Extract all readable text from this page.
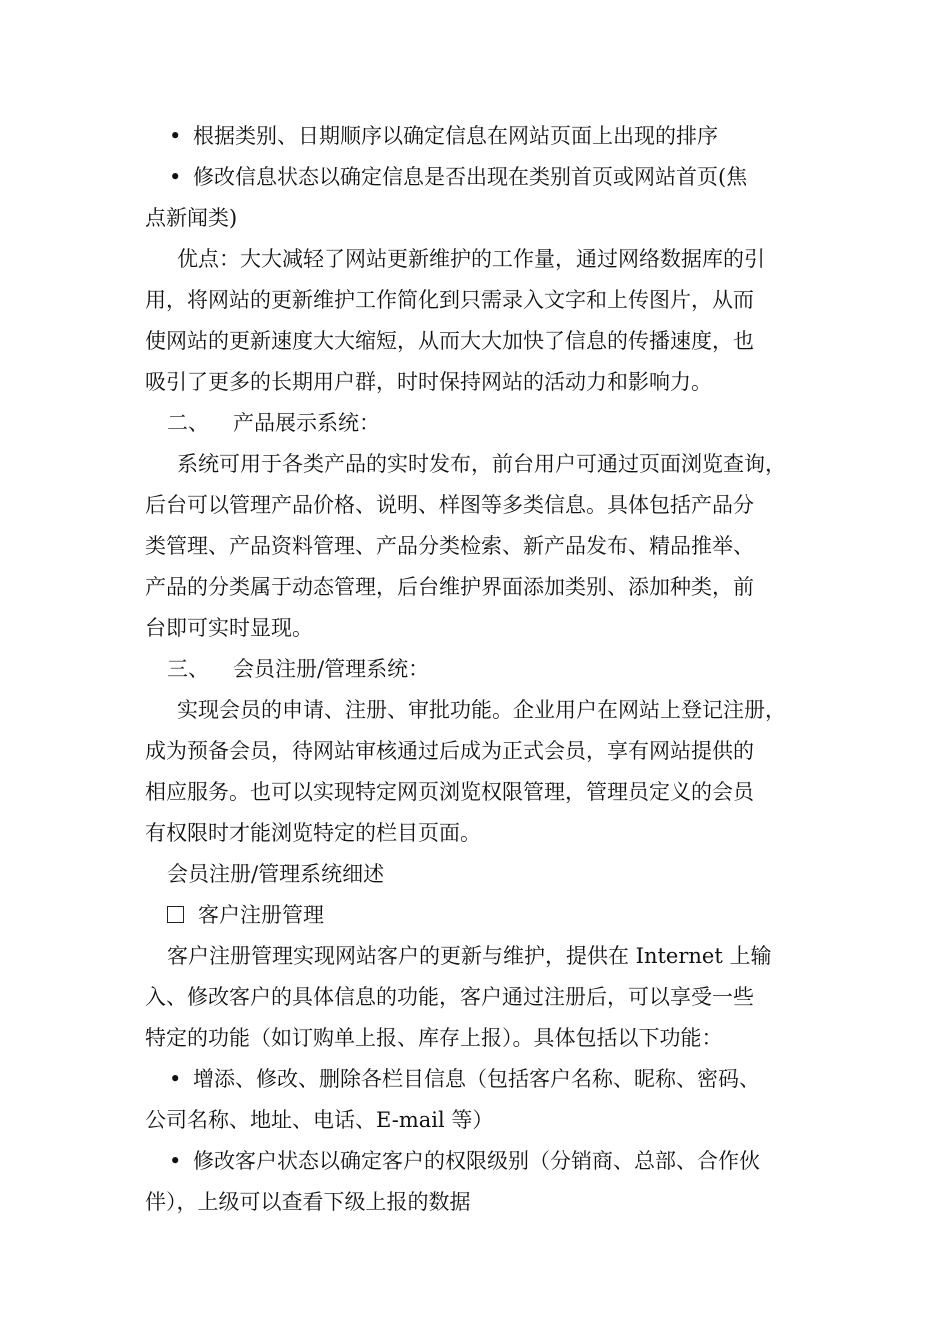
• 根据类别、日期顺序以确定信息在网站页面上出现的排序
• 修改信息状态以确定信息是否出现在类别首页或网站首页(焦
点新闻类)
优点：大大减轻了网站更新维护的工作量，通过网络数据库的引
用，将网站的更新维护工作简化到只需录入文字和上传图片，从而
使网站的更新速度大大缩短，从而大大加快了信息的传播速度，也
吸引了更多的长期用户群，时时保持网站的活动力和影响力。
二、 产品展示系统：
系统可用于各类产品的实时发布，前台用户可通过页面浏览查询，
后台可以管理产品价格、说明、样图等多类信息。具体包括产品分
类管理、产品资料管理、产品分类检索、新产品发布、精品推举、
产品的分类属于动态管理，后台维护界面添加类别、添加种类，前
台即可实时显现。
三、 会员注册/管理系统：
实现会员的申请、注册、审批功能。企业用户在网站上登记注册，
成为预备会员，待网站审核通过后成为正式会员，享有网站提供的
相应服务。也可以实现特定网页浏览权限管理，管理员定义的会员
有权限时才能浏览特定的栏目页面。
会员注册/管理系统细述
客户注册管理
客户注册管理实现网站客户的更新与维护，提供在 Internet 上输
入、修改客户的具体信息的功能，客户通过注册后，可以享受一些
特定的功能（如订购单上报、库存上报）。具体包括以下功能：
• 增添、修改、删除各栏目信息（包括客户名称、昵称、密码、
公司名称、地址、电话、E-mail 等）
• 修改客户状态以确定客户的权限级别（分销商、总部、合作伙
伴），上级可以查看下级上报的数据
